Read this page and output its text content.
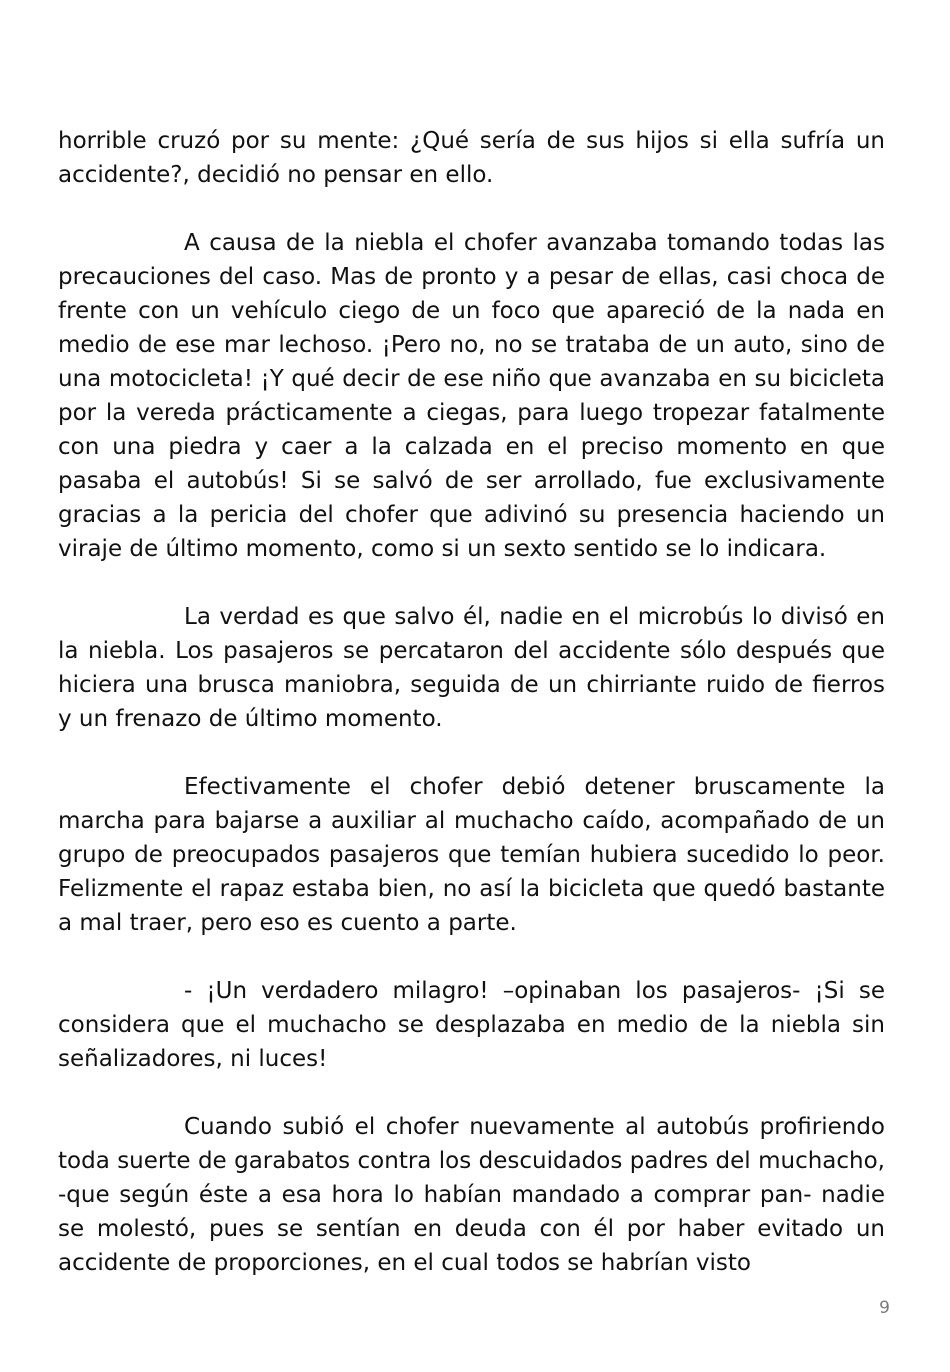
horrible cruzó por su mente: ¿Qué sería de sus hijos si ella sufría un accidente?, decidió no pensar en ello.

A causa de la niebla el chofer avanzaba tomando todas las precauciones del caso. Mas de pronto y a pesar de ellas, casi choca de frente con un vehículo ciego de un foco que apareció de la nada en medio de ese mar lechoso. ¡Pero no, no se trataba de un auto, sino de una motocicleta! ¡Y qué decir de ese niño que avanzaba en su bicicleta por la vereda prácticamente a ciegas, para luego tropezar fatalmente con una piedra y caer a la calzada en el preciso momento en que pasaba el autobús! Si se salvó de ser arrollado, fue exclusivamente gracias a la pericia del chofer que adivinó su presencia haciendo un viraje de último momento, como si un sexto sentido se lo indicara.

La verdad es que salvo él, nadie en el microbús lo divisó en la niebla. Los pasajeros se percataron del accidente sólo después que hiciera una brusca maniobra, seguida de un chirriante ruido de fierros y un frenazo de último momento.

Efectivamente el chofer debió detener bruscamente la marcha para bajarse a auxiliar al muchacho caído, acompañado de un grupo de preocupados pasajeros que temían hubiera sucedido lo peor. Felizmente el rapaz estaba bien, no así la bicicleta que quedó bastante a mal traer, pero eso es cuento a parte.

- ¡Un verdadero milagro! –opinaban los pasajeros- ¡Si se considera que el muchacho se desplazaba en medio de la niebla sin señalizadores, ni luces!

Cuando subió el chofer nuevamente al autobús profiriendo toda suerte de garabatos contra los descuidados padres del muchacho, -que según éste a esa hora lo habían mandado a comprar pan- nadie se molestó, pues se sentían en deuda con él por haber evitado un accidente de proporciones, en el cual todos se habrían visto

9
